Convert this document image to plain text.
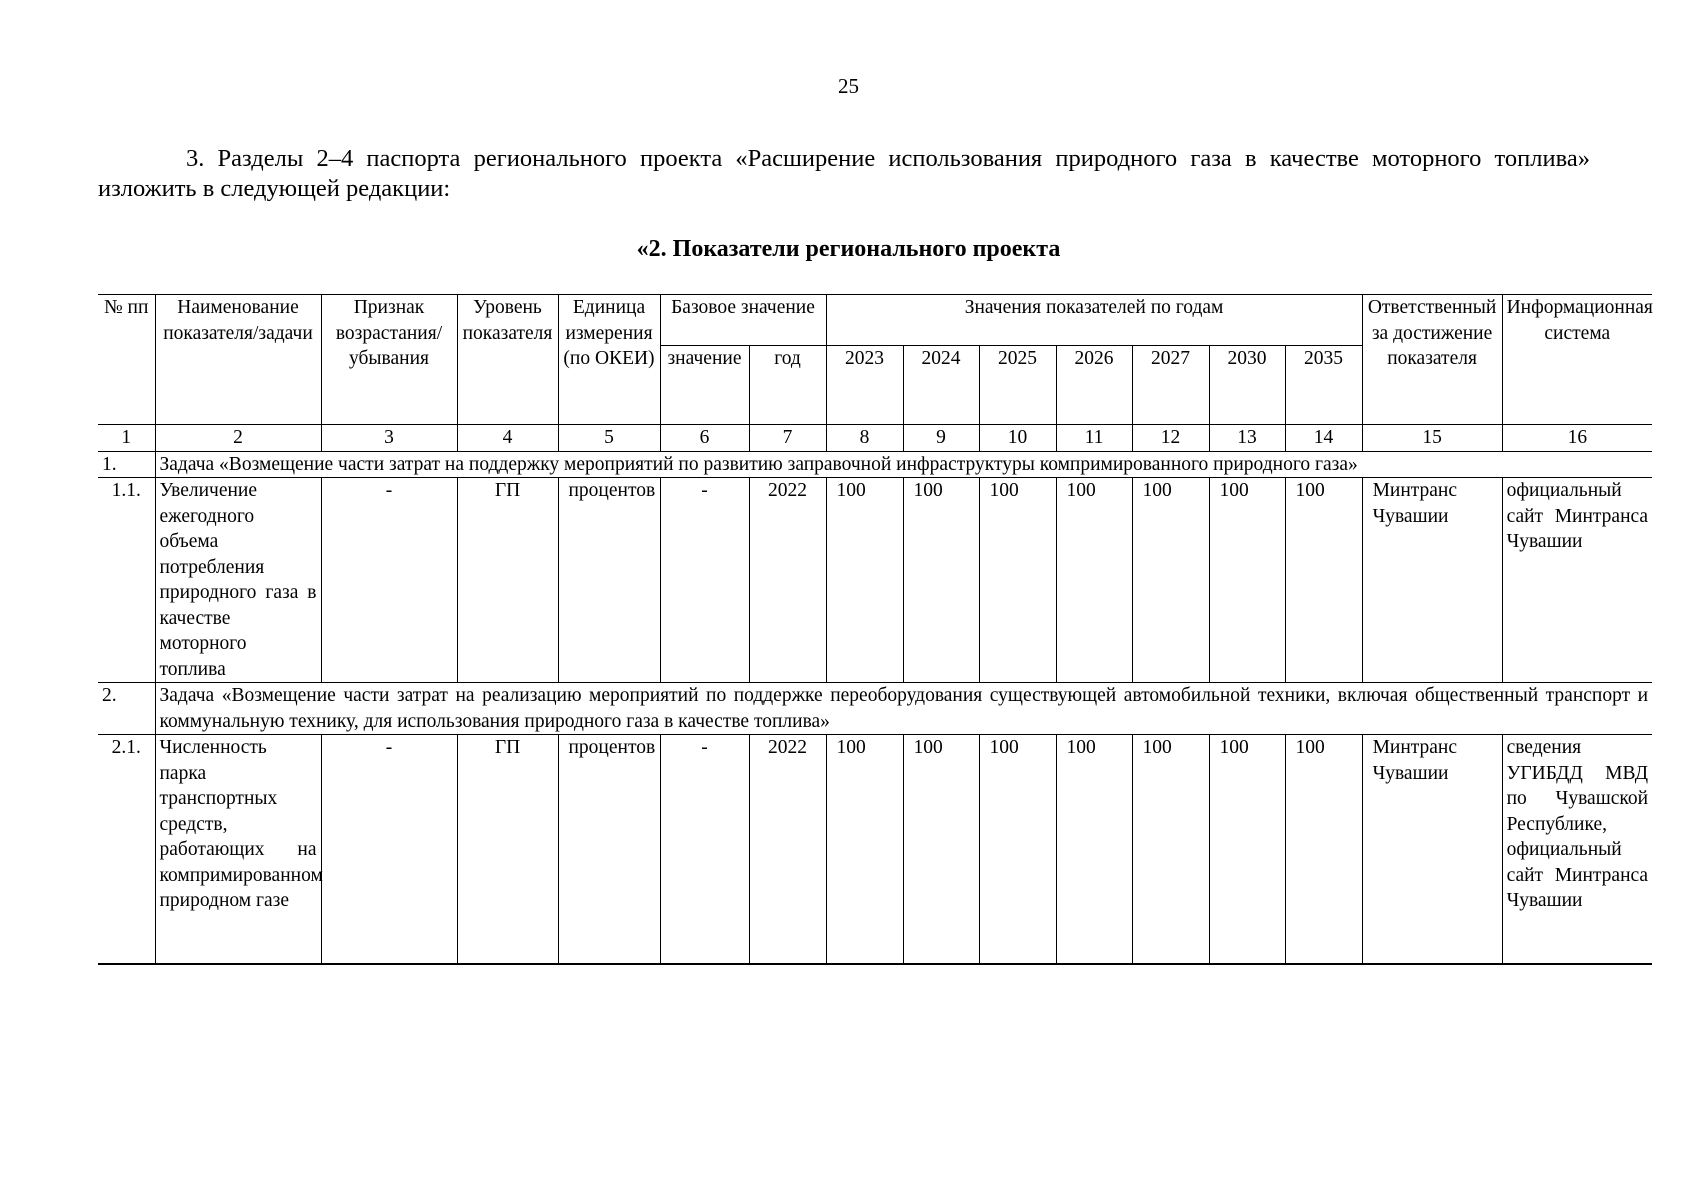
25

3. Разделы 2–4 паспорта регионального проекта «Расширение использования природного газа в качестве моторного топлива» изложить в следующей редакции:

«2. Показатели регионального проекта
№ пп	Наименование показателя/задачи	Признак возрастания/убывания	Уровень показателя	Единица измерения (по ОКЕИ)	Базовое значение		Значения показателей по годам							Ответственный за достижение показателя	Информационная система
					значение	год	2023	2024	2025	2026	2027	2030	2035		
1	2	3	4	5	6	7	8	9	10	11	12	13	14	15	16
1.	Задача «Возмещение части затрат на поддержку мероприятий по развитию заправочной инфраструктуры компримированного природного газа»														
1.1.	Увеличение ежегодного объема потребления природного газа в качестве моторного топлива	-	ГП	процентов	-	2022	100	100	100	100	100	100	100	Минтранс Чувашии	официальный сайт Минтранса Чувашии
2.	Задача «Возмещение части затрат на реализацию мероприятий по поддержке переоборудования существующей автомобильной техники, включая общественный транспорт и коммунальную технику, для использования природного газа в качестве топлива»														
2.1.	Численность парка транспортных средств, работающих на компримированном природном газе	-	ГП	процентов	-	2022	100	100	100	100	100	100	100	Минтранс Чувашии	сведения УГИБДД МВД по Чувашской Республике, официальный сайт Минтранса Чувашии
